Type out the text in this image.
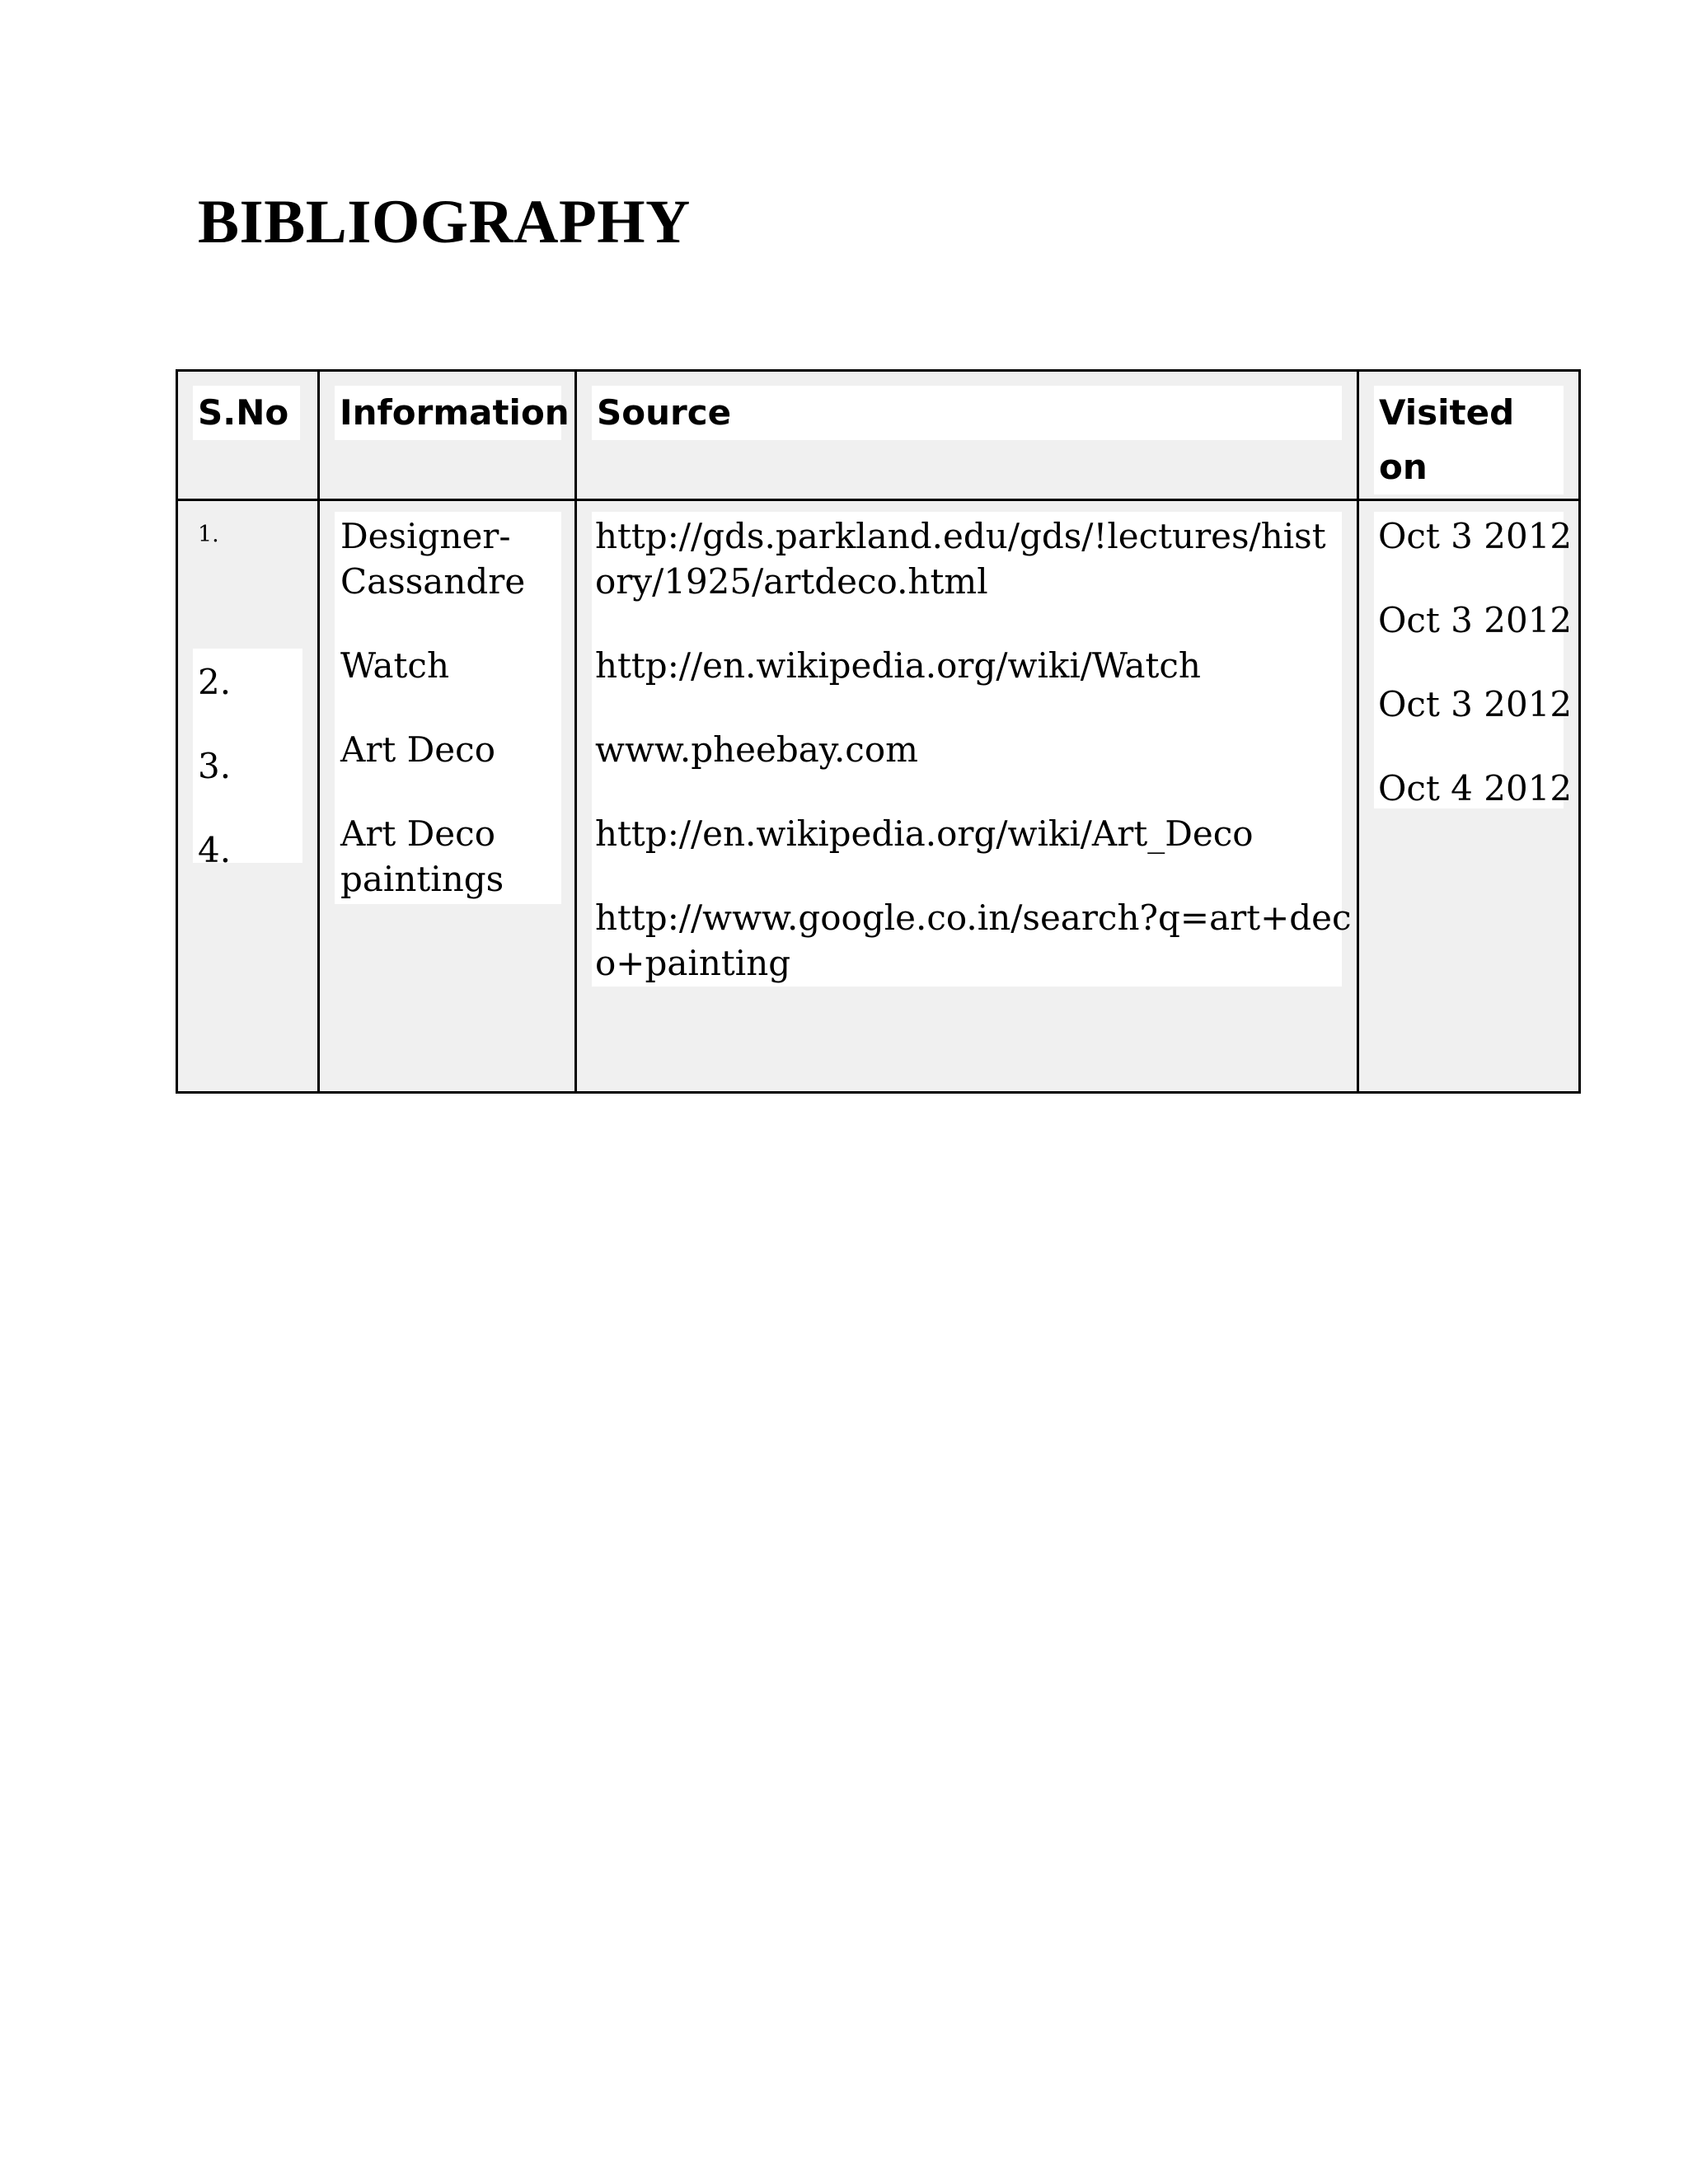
BIBLIOGRAPHY
S.No	Information Source	Visited
on
1.
2.
3.
4.
Designer-
Cassandre
Watch
Art Deco
Art Deco
paintings
http://gds.parkland.edu/gds/!lectures/hist
ory/1925/artdeco.html
http://en.wikipedia.org/wiki/Watch
www.pheebay.com
http://en.wikipedia.org/wiki/Art_Deco
http://www.google.co.in/search?q=art+dec
o+painting
Oct 3 2012
Oct 3 2012
Oct 3 2012
Oct 4 2012
